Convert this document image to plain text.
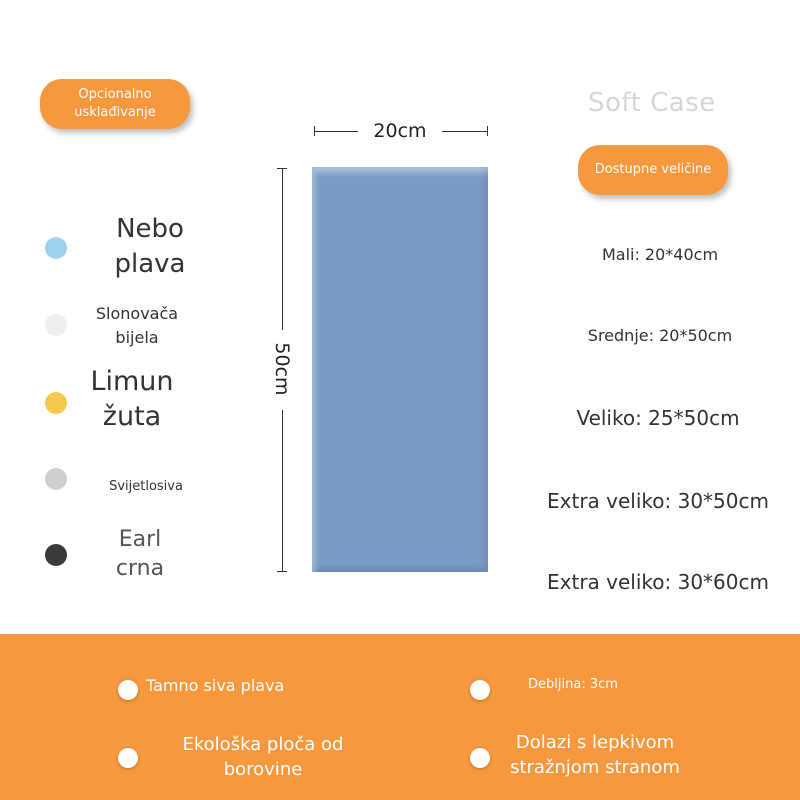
Opcionalno usklađivanje	Soft Case
Dostupne veličine
Nebo plava
Slonovača bijela
Limun žuta
Svijetlosiva
Earl crna
20cm
50cm
Mali: 20*40cm
Srednje: 20*50cm
Veliko: 25*50cm
Extra veliko: 30*50cm
Extra veliko: 30*60cm
Tamno siva plava	Debljina: 3cm
Ekološka ploča od borovine
Dolazi s lepkivom stražnjom stranom
